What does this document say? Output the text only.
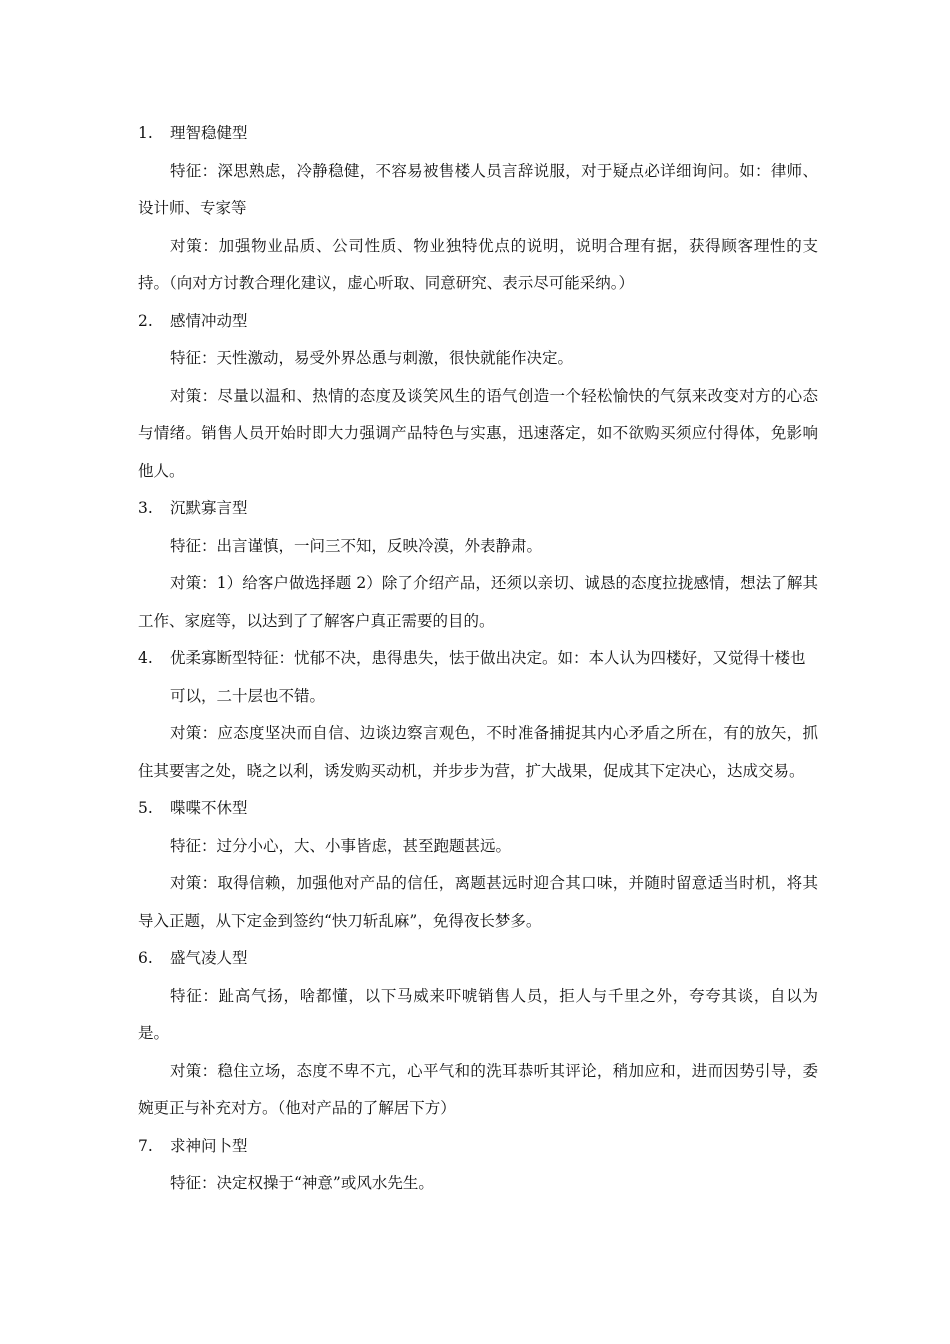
1.	理智稳健型

特征：深思熟虑，冷静稳健，不容易被售楼人员言辞说服，对于疑点必详细询问。如：律师、设计师、专家等

对策：加强物业品质、公司性质、物业独特优点的说明，说明合理有据，获得顾客理性的支持。（向对方讨教合理化建议，虚心听取、同意研究、表示尽可能采纳。）

2.	感情冲动型

特征：天性激动，易受外界怂恿与刺激，很快就能作决定。

对策：尽量以温和、热情的态度及谈笑风生的语气创造一个轻松愉快的气氛来改变对方的心态与情绪。销售人员开始时即大力强调产品特色与实惠，迅速落定，如不欲购买须应付得体，免影响他人。

3.	沉默寡言型

特征：出言谨慎，一问三不知，反映冷漠，外表静肃。

对策：1）给客户做选择题 2）除了介绍产品，还须以亲切、诚恳的态度拉拢感情，想法了解其工作、家庭等，以达到了了解客户真正需要的目的。

4.	优柔寡断型特征：忧郁不决，患得患失，怯于做出决定。如：本人认为四楼好，又觉得十楼也可以，二十层也不错。

对策：应态度坚决而自信、边谈边察言观色，不时准备捕捉其内心矛盾之所在，有的放矢，抓住其要害之处，晓之以利，诱发购买动机，并步步为营，扩大战果，促成其下定决心，达成交易。

5.	喋喋不休型

特征：过分小心，大、小事皆虑，甚至跑题甚远。

对策：取得信赖，加强他对产品的信任，离题甚远时迎合其口味，并随时留意适当时机，将其导入正题，从下定金到签约“快刀斩乱麻”，免得夜长梦多。

6.	盛气凌人型

特征：趾高气扬，啥都懂，以下马威来吓唬销售人员，拒人与千里之外，夸夸其谈，自以为是。

对策：稳住立场，态度不卑不亢，心平气和的洗耳恭听其评论，稍加应和，进而因势引导，委婉更正与补充对方。（他对产品的了解居下方）

7.	求神问卜型

特征：决定权操于“神意”或风水先生。
